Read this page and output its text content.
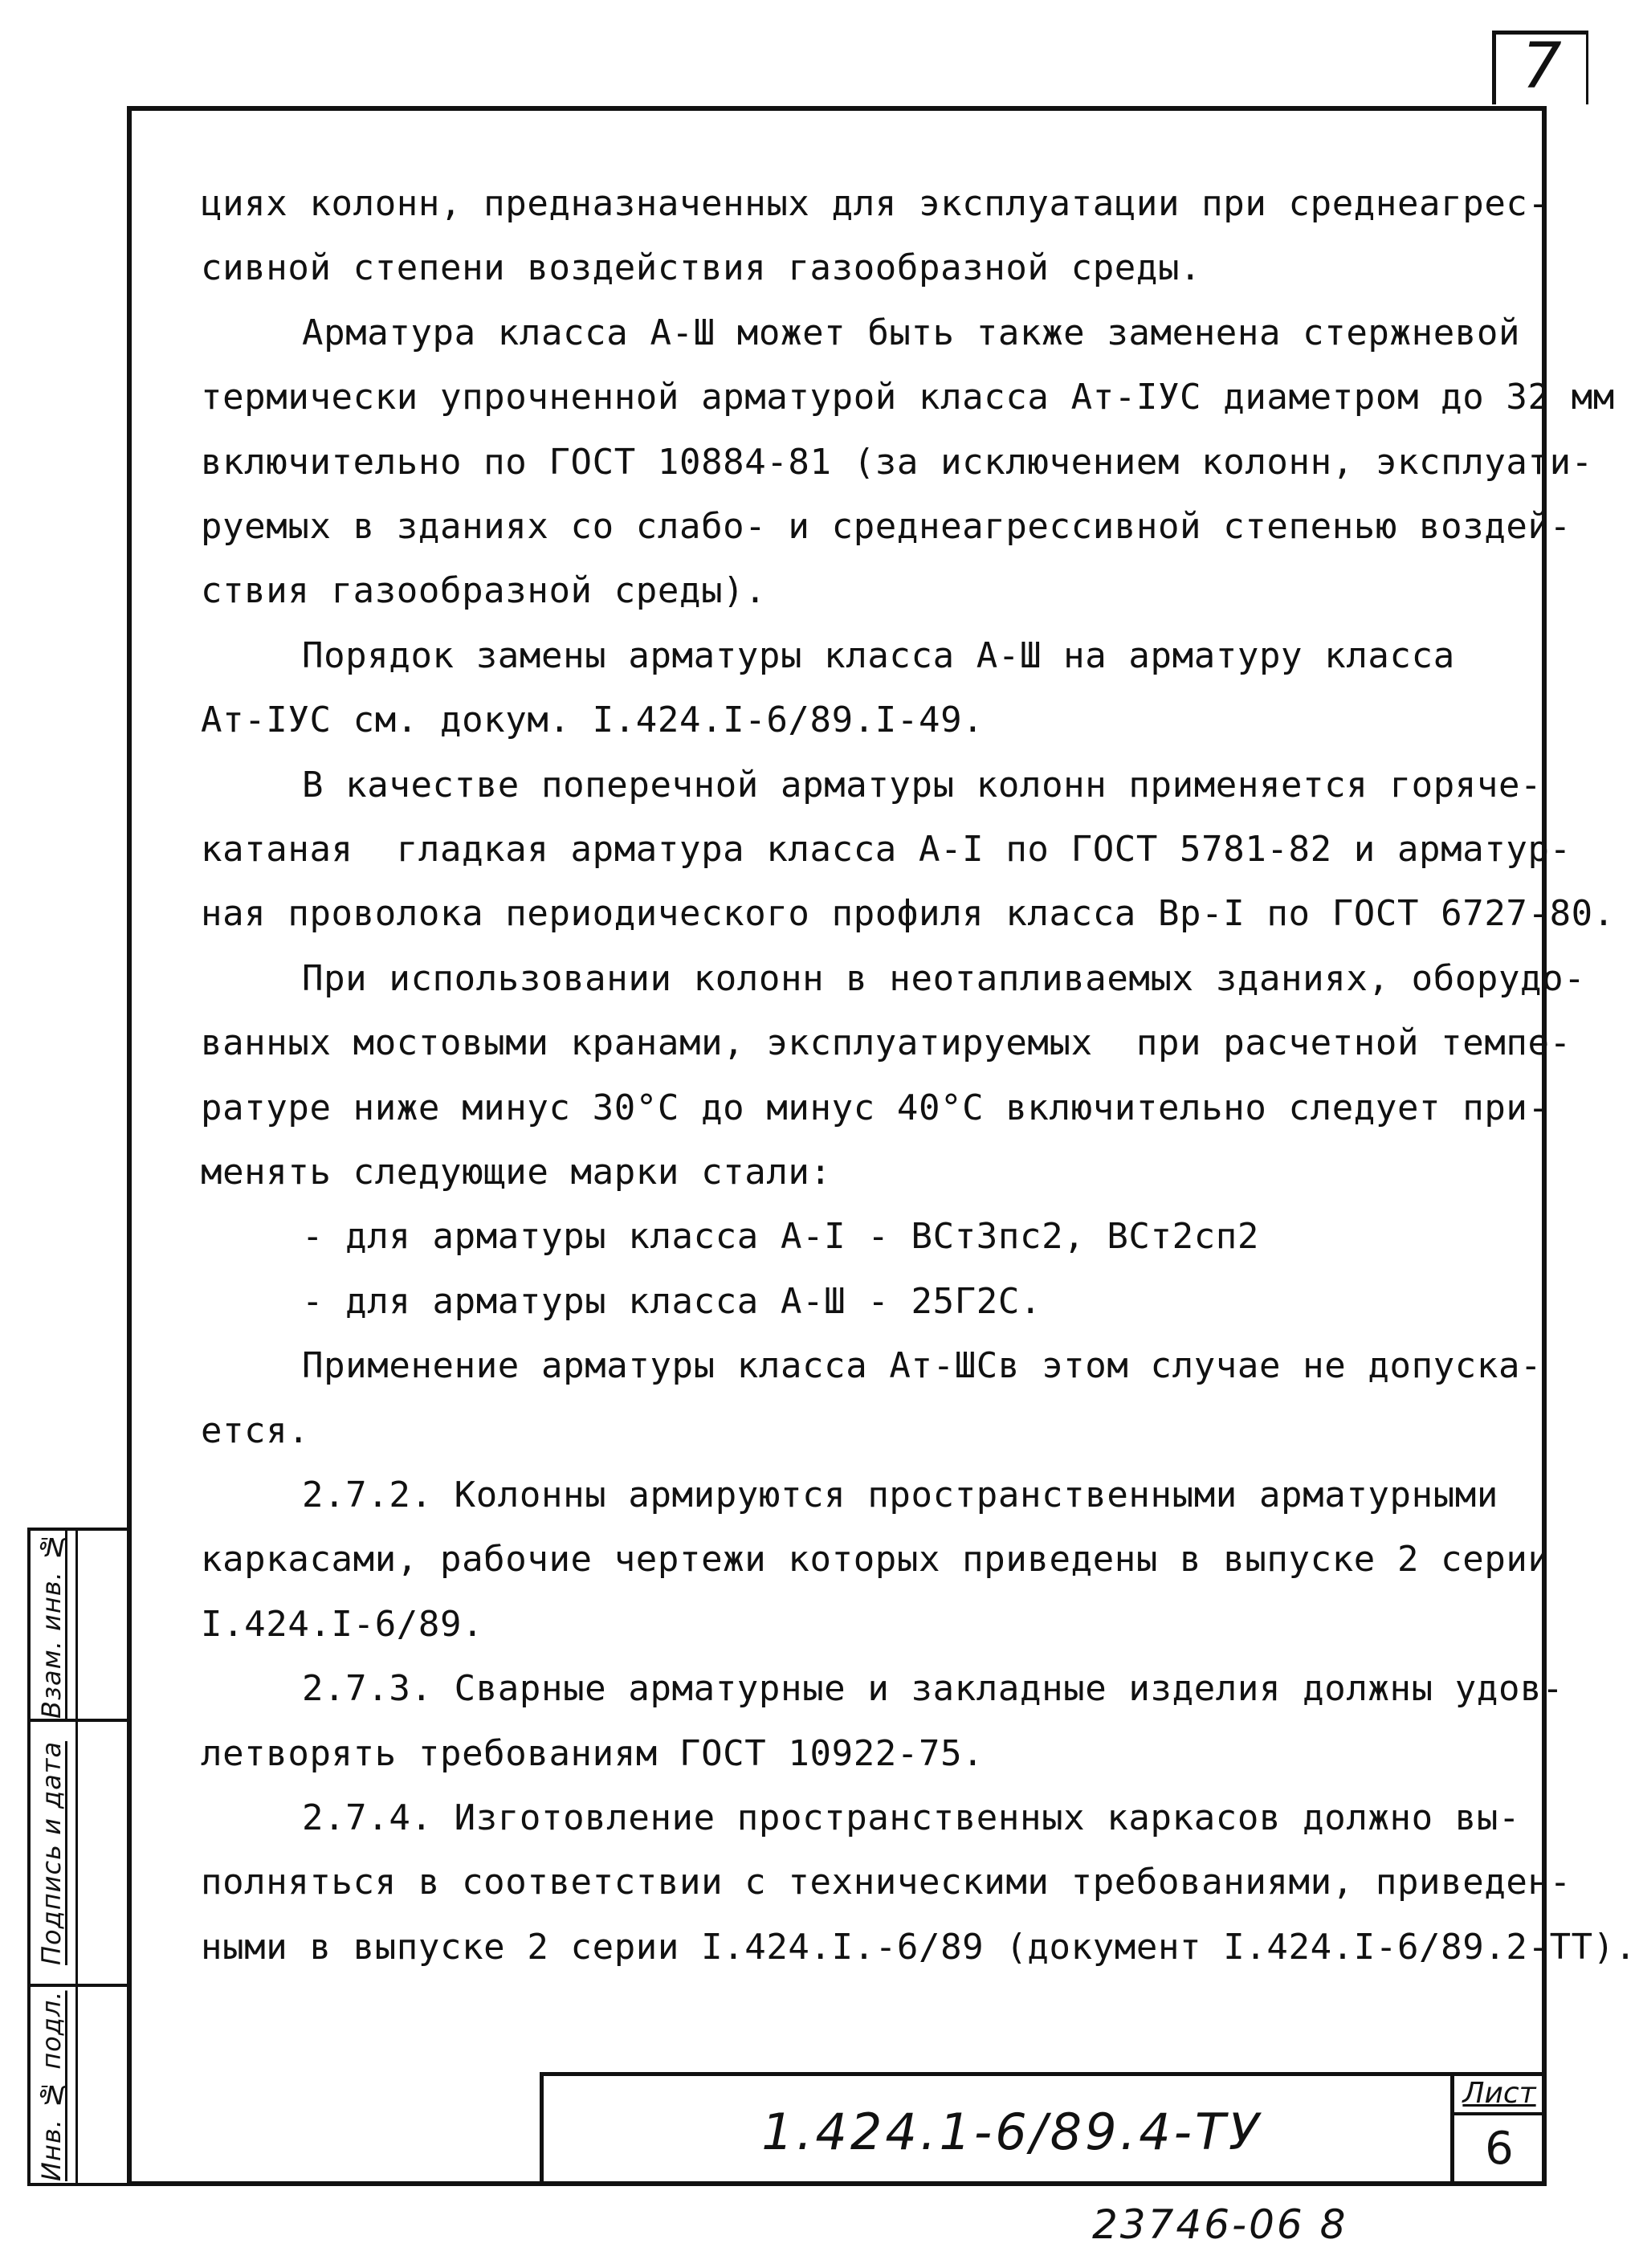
7
Взам. инв. №
Подпись и дата
Инв. № подл.
циях колонн, предназначенных для эксплуатации при среднеагрес-
сивной степени воздействия газообразной среды.
Арматура класса А-Ш может быть также заменена стержневой
термически упрочненной арматурой класса Ат-IУС диаметром до 32 мм
включительно по ГОСТ 10884-81 (за исключением колонн, эксплуати-
руемых в зданиях со слабо- и среднеагрессивной степенью воздей-
ствия газообразной среды).
Порядок замены арматуры класса А-Ш на арматуру класса
Ат-IУС см. докум. I.424.I-6/89.I-49.
В качестве поперечной арматуры колонн применяется горяче-
катаная  гладкая арматура класса А-I по ГОСТ 5781-82 и арматур-
ная проволока периодического профиля класса Вр-I по ГОСТ 6727-80.
При использовании колонн в неотапливаемых зданиях, оборудо-
ванных мостовыми кранами, эксплуатируемых  при расчетной темпе-
ратуре ниже минус 30°С до минус 40°С включительно следует при-
менять следующие марки стали:
- для арматуры класса А-I - ВСт3пс2, ВСт2сп2
- для арматуры класса А-Ш - 25Г2С.
Применение арматуры класса Ат-ШСв этом случае не допуска-
ется.
2.7.2. Колонны армируются пространственными арматурными
каркасами, рабочие чертежи которых приведены в выпуске 2 серии
I.424.I-6/89.
2.7.3. Сварные арматурные и закладные изделия должны удов-
летворять требованиям ГОСТ 10922-75.
2.7.4. Изготовление пространственных каркасов должно вы-
полняться в соответствии с техническими требованиями, приведен-
ными в выпуске 2 серии I.424.I.-6/89 (документ I.424.I-6/89.2-ТТ).
1.424.1-6/89.4-ТУ
Лист
6
23746-06 8
